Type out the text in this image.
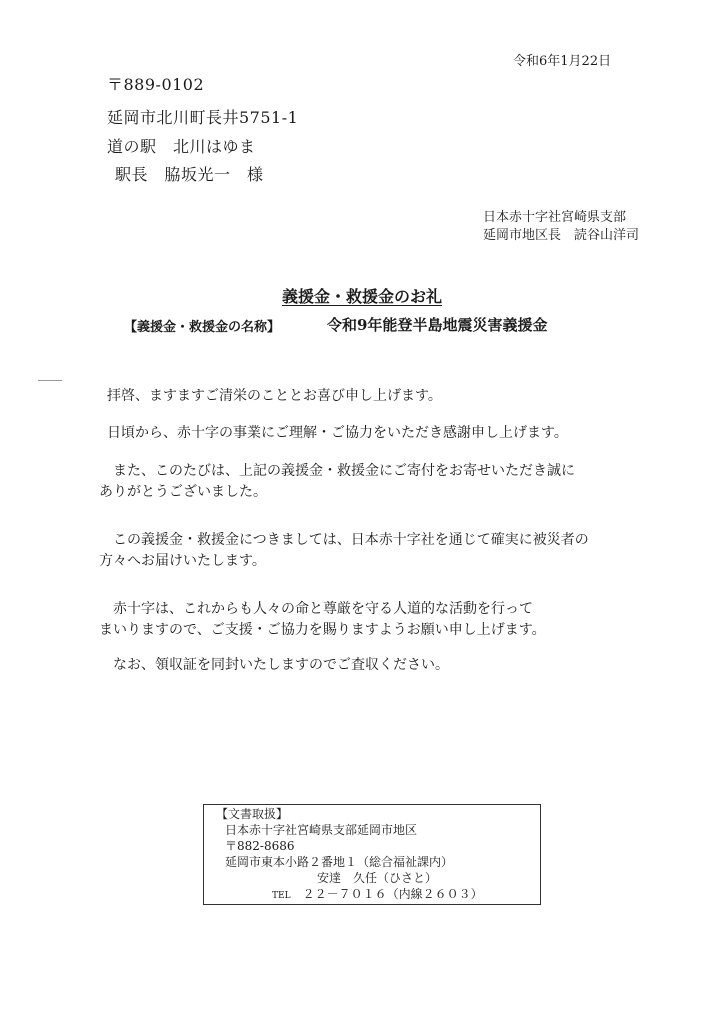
令和6年1月22日
〒889-0102
延岡市北川町長井5751-1
道の駅　北川はゆま
駅長　脇坂光一　様
日本赤十字社宮崎県支部
延岡市地区長　読谷山洋司
義援金・救援金のお礼
【義援金・救援金の名称】	令和9年能登半島地震災害義援金
拝啓、ますますご清栄のこととお喜び申し上げます。
日頃から、赤十字の事業にご理解・ご協力をいただき感謝申し上げます。
　また、このたびは、上記の義援金・救援金にご寄付をお寄せいただき誠に
ありがとうございました。
　この義援金・救援金につきましては、日本赤十字社を通じて確実に被災者の
方々へお届けいたします。
　赤十字は、これからも人々の命と尊厳を守る人道的な活動を行って
まいりますので、ご支援・ご協力を賜りますようお願い申し上げます。
　なお、領収証を同封いたしますのでご査収ください。
【文書取扱】
日本赤十字社宮崎県支部延岡市地区
〒882-8686
延岡市東本小路２番地１（総合福祉課内）
安達　久任（ひさと）
TEL　 ２２－７０１６（内線２６０３）
